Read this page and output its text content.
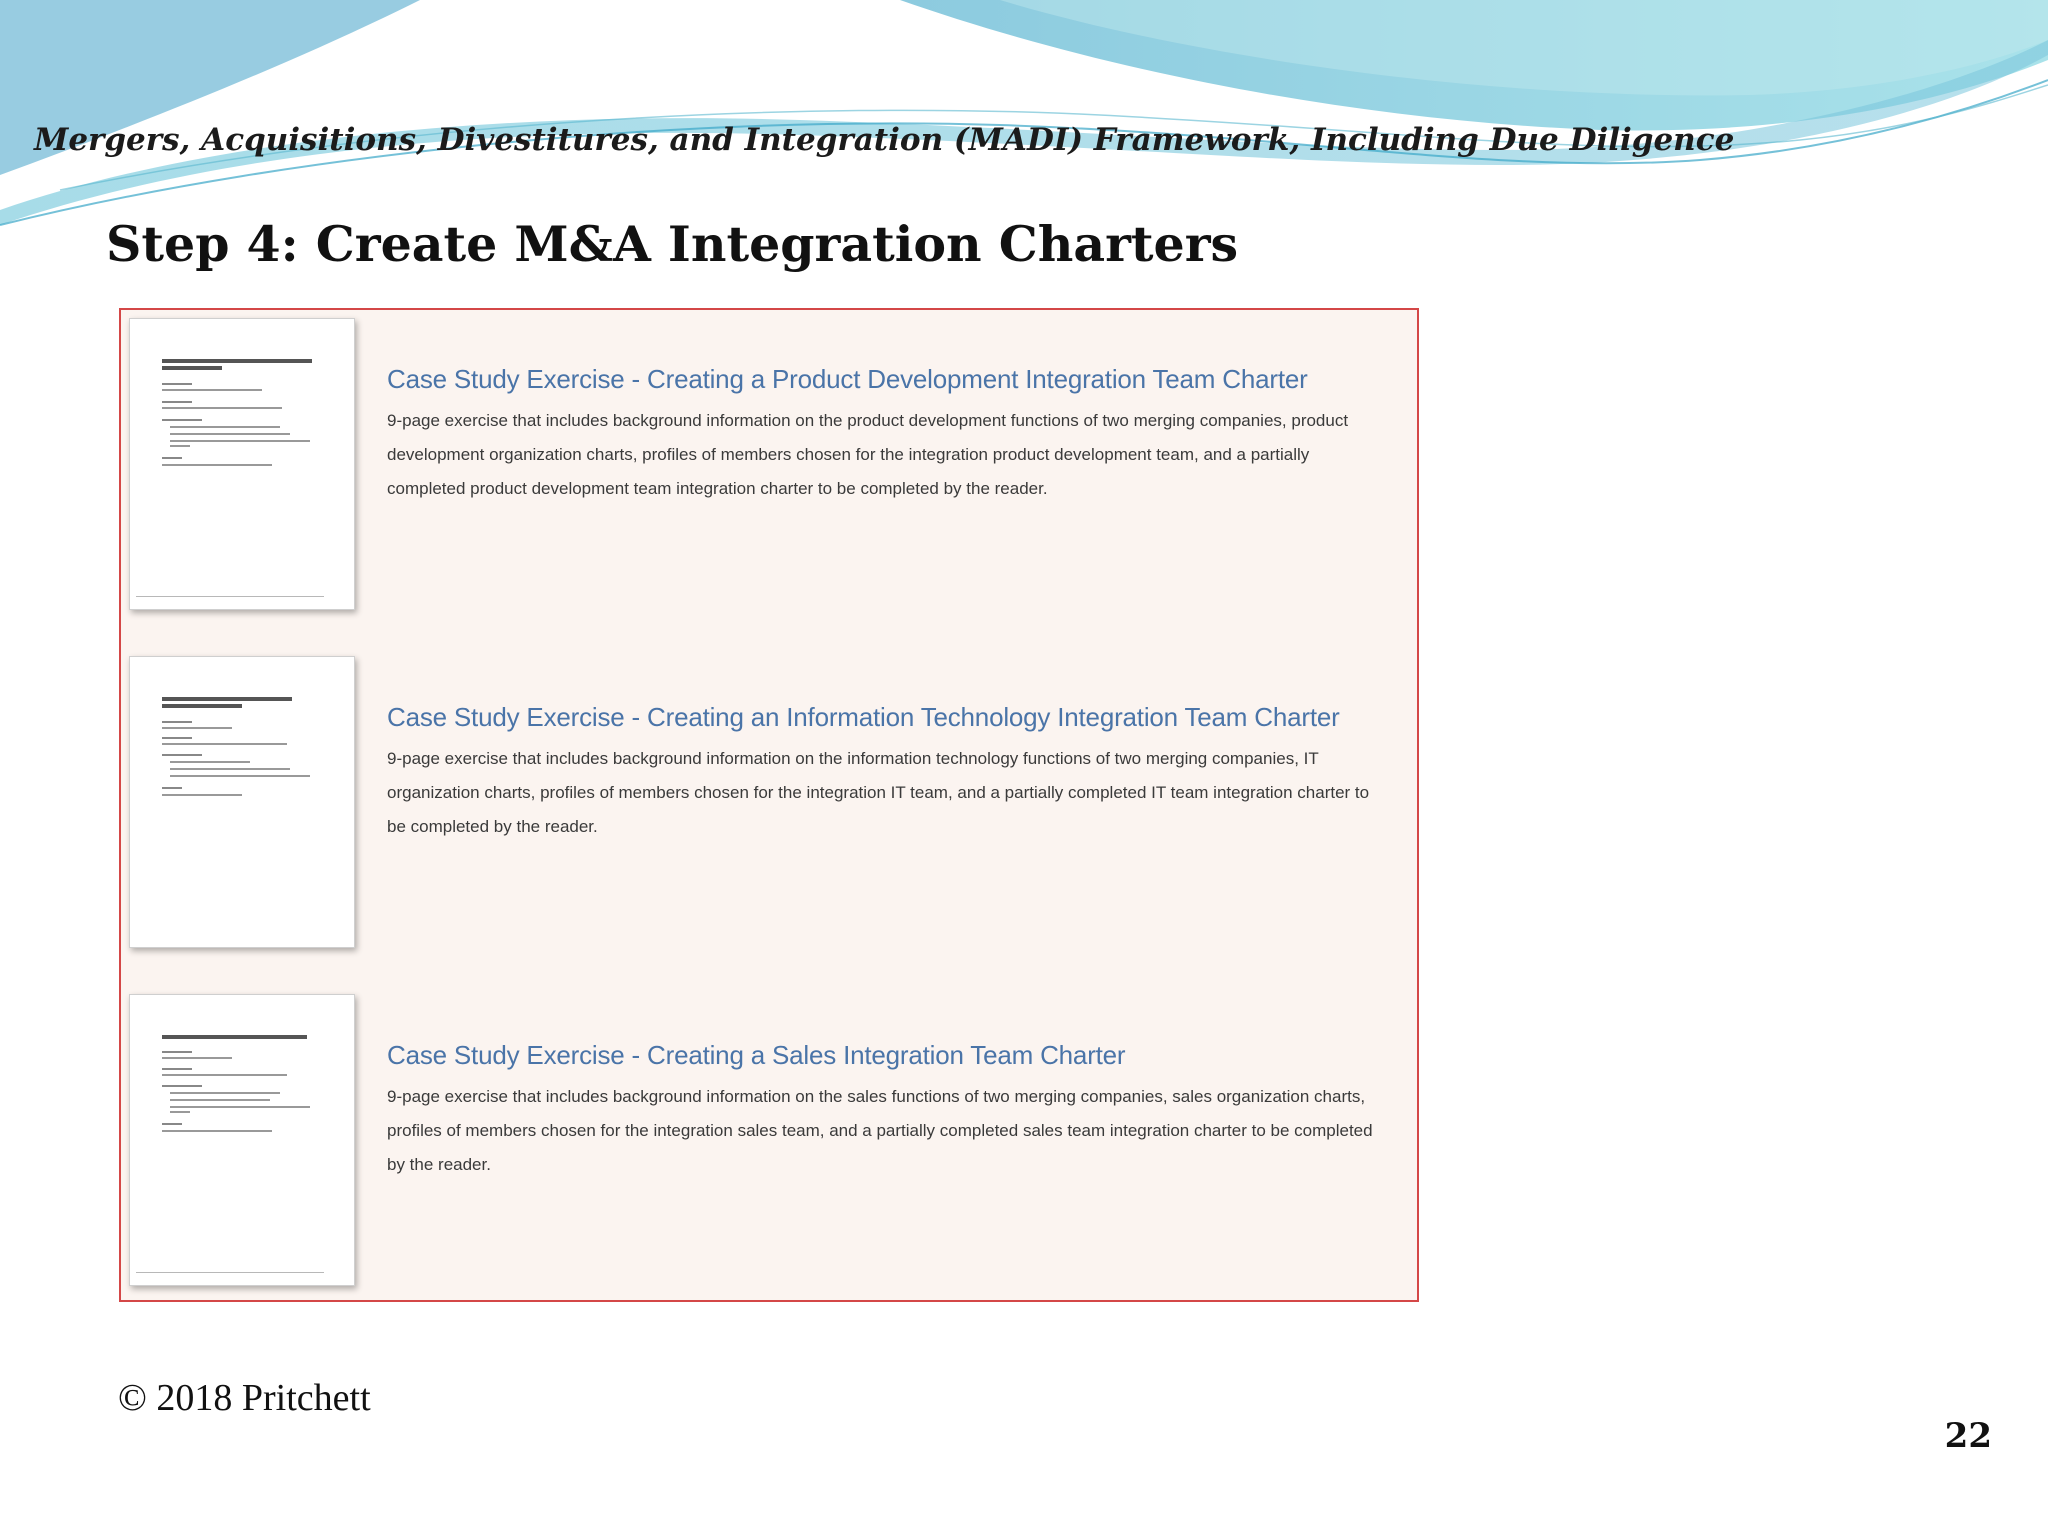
Mergers, Acquisitions, Divestitures, and Integration (MADI) Framework, Including Due Diligence
Step 4: Create M&A Integration Charters
Case Study Exercise - Creating a Product Development Integration Team Charter
9-page exercise that includes background information on the product development functions of two merging companies, product development organization charts, profiles of members chosen for the integration product development team, and a partially completed product development team integration charter to be completed by the reader.
Case Study Exercise - Creating an Information Technology Integration Team Charter
9-page exercise that includes background information on the information technology functions of two merging companies, IT organization charts, profiles of members chosen for the integration IT team, and a partially completed IT team integration charter to be completed by the reader.
Case Study Exercise - Creating a Sales Integration Team Charter
9-page exercise that includes background information on the sales functions of two merging companies, sales organization charts, profiles of members chosen for the integration sales team, and a partially completed sales team integration charter to be completed by the reader.
© 2018 Pritchett
22
